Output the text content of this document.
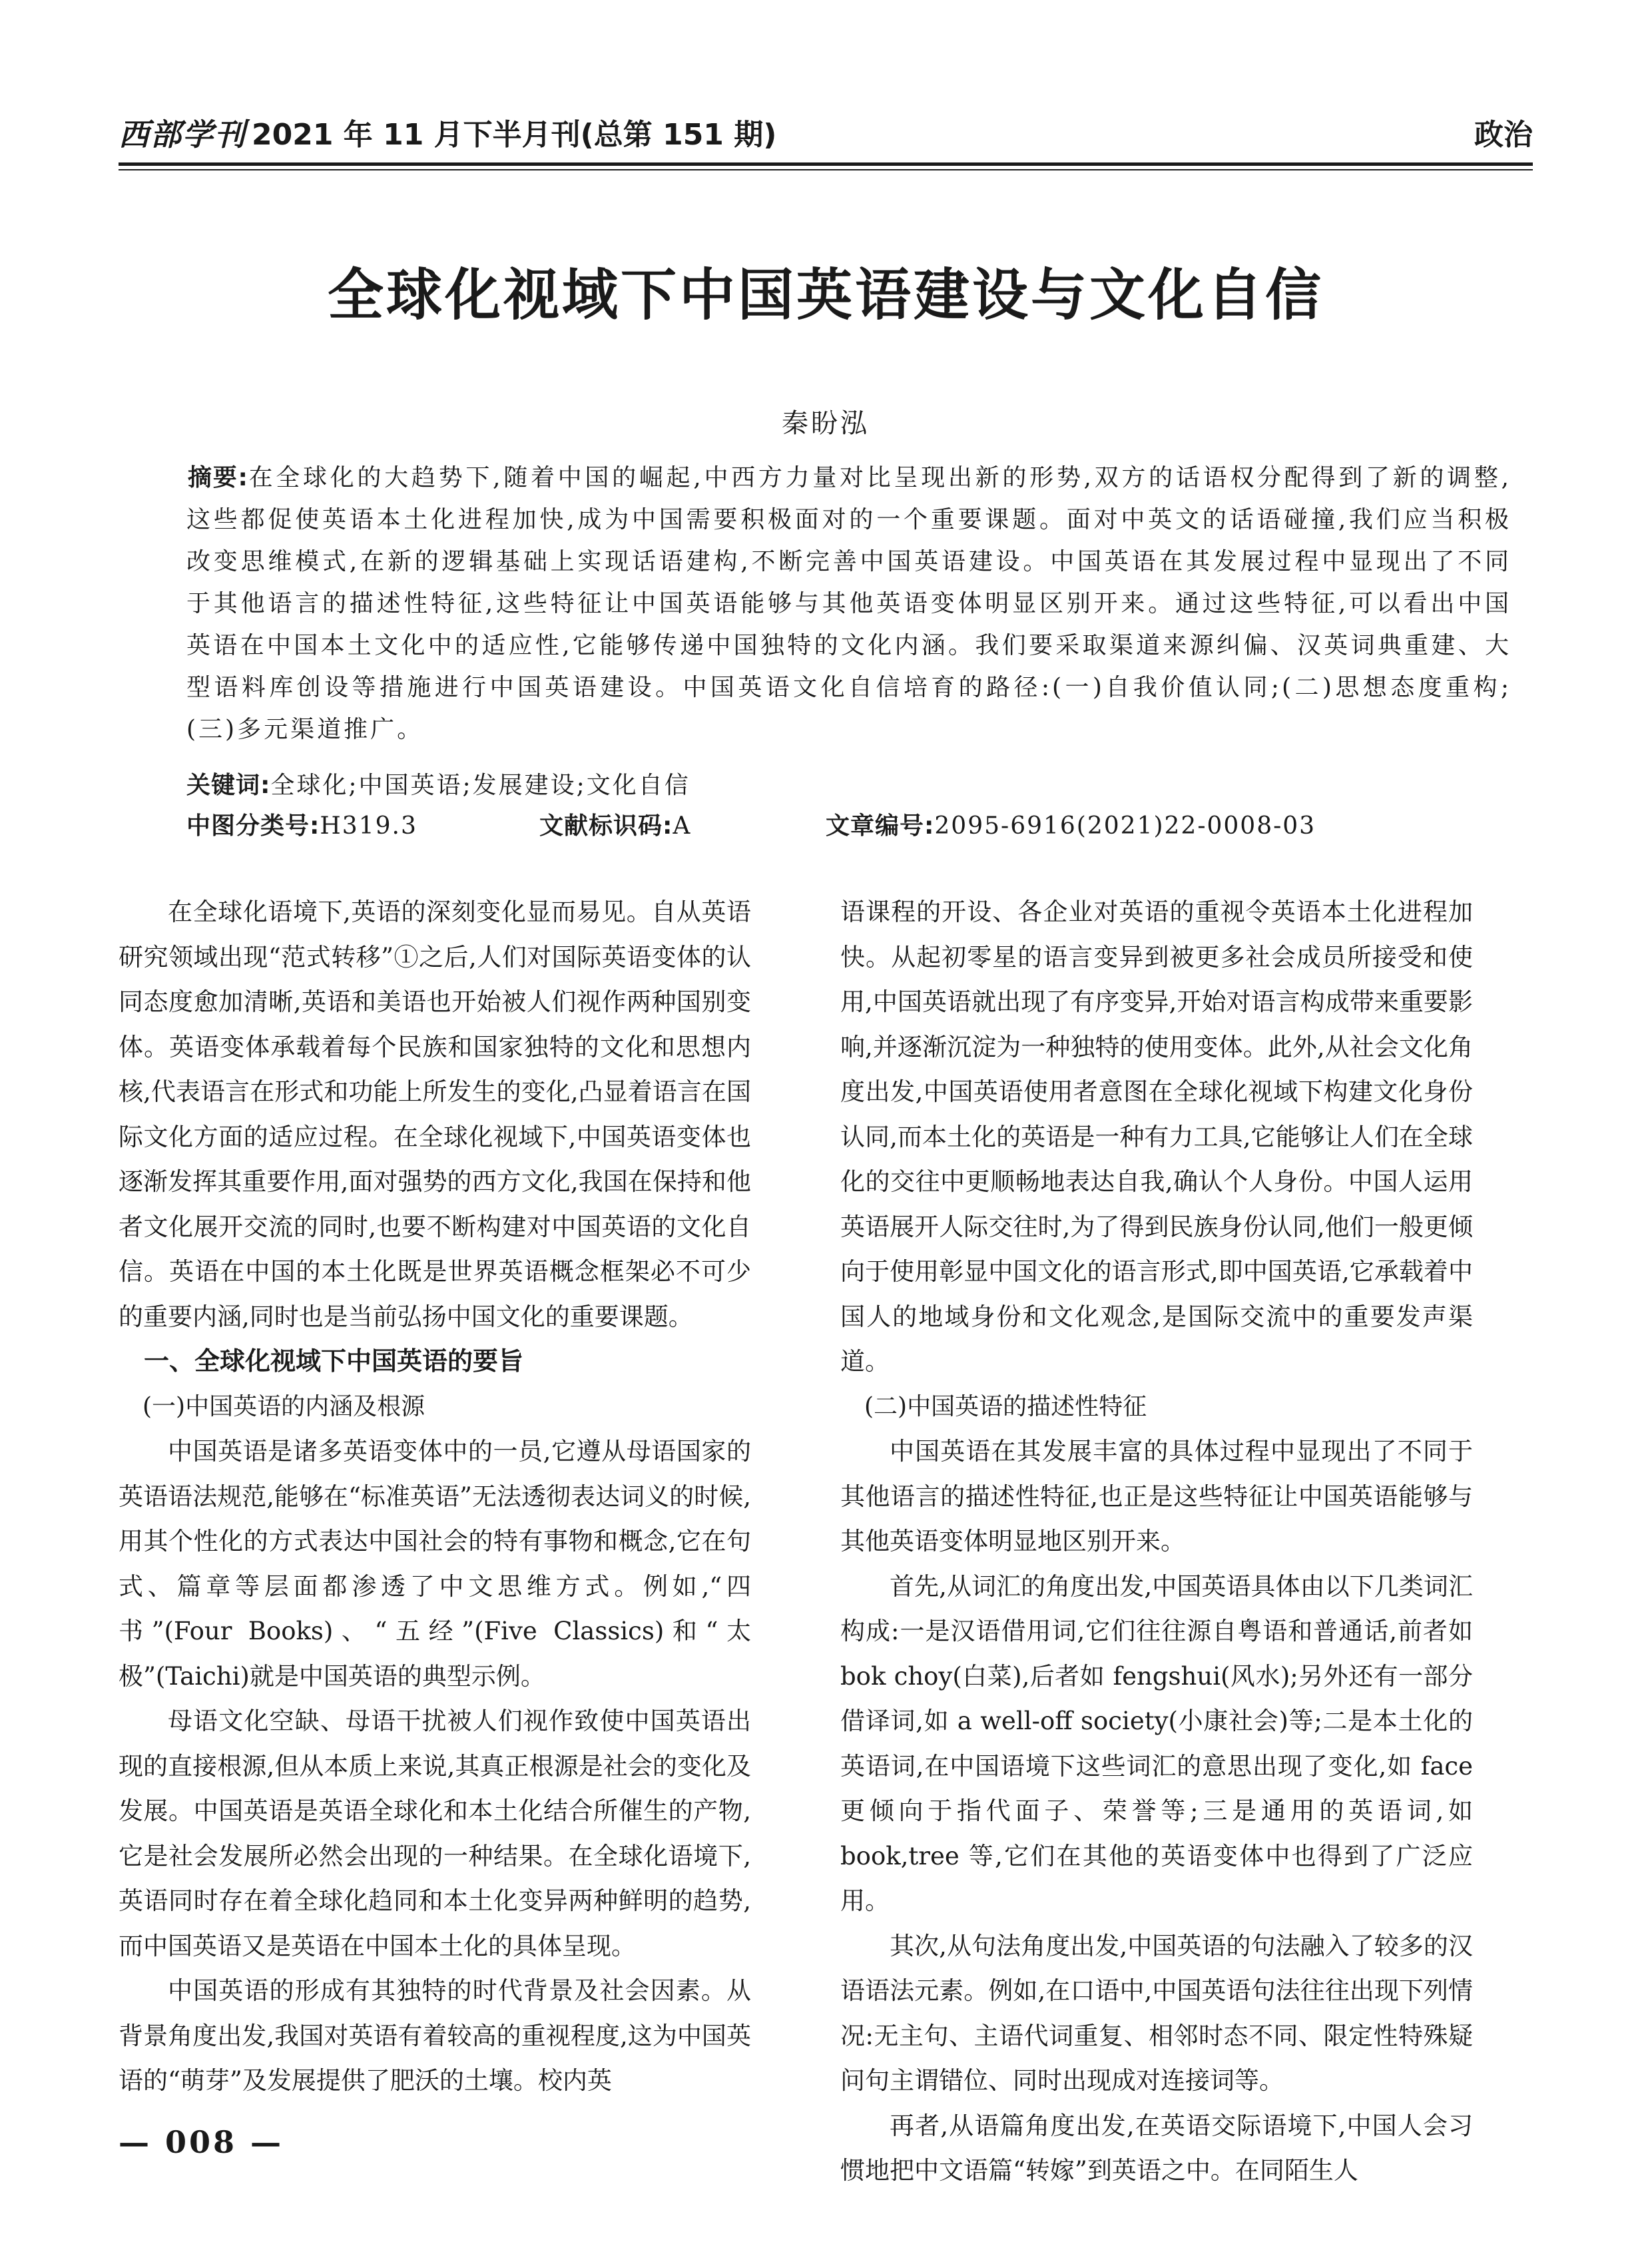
西部学刊 2021 年 11 月下半月刊(总第 151 期)	政治
全球化视域下中国英语建设与文化自信
秦盼泓
摘要:在全球化的大趋势下,随着中国的崛起,中西方力量对比呈现出新的形势,双方的话语权分配得到了新的调整,这些都促使英语本土化进程加快,成为中国需要积极面对的一个重要课题。面对中英文的话语碰撞,我们应当积极改变思维模式,在新的逻辑基础上实现话语建构,不断完善中国英语建设。中国英语在其发展过程中显现出了不同于其他语言的描述性特征,这些特征让中国英语能够与其他英语变体明显区别开来。通过这些特征,可以看出中国英语在中国本土文化中的适应性,它能够传递中国独特的文化内涵。我们要采取渠道来源纠偏、汉英词典重建、大型语料库创设等措施进行中国英语建设。中国英语文化自信培育的路径:(一)自我价值认同;(二)思想态度重构;(三)多元渠道推广。
关键词:全球化;中国英语;发展建设;文化自信
中图分类号:H319.3	文献标识码:A	文章编号:2095-6916(2021)22-0008-03

在全球化语境下,英语的深刻变化显而易见。自从英语研究领域出现“范式转移”①之后,人们对国际英语变体的认同态度愈加清晰,英语和美语也开始被人们视作两种国别变体。英语变体承载着每个民族和国家独特的文化和思想内核,代表语言在形式和功能上所发生的变化,凸显着语言在国际文化方面的适应过程。在全球化视域下,中国英语变体也逐渐发挥其重要作用,面对强势的西方文化,我国在保持和他者文化展开交流的同时,也要不断构建对中国英语的文化自信。英语在中国的本土化既是世界英语概念框架必不可少的重要内涵,同时也是当前弘扬中国文化的重要课题。

一、全球化视域下中国英语的要旨
(一)中国英语的内涵及根源

中国英语是诸多英语变体中的一员,它遵从母语国家的英语语法规范,能够在“标准英语”无法透彻表达词义的时候,用其个性化的方式表达中国社会的特有事物和概念,它在句式、篇章等层面都渗透了中文思维方式。例如,“四书”(Four Books)、“五经”(Five Classics)和“太极”(Taichi)就是中国英语的典型示例。

母语文化空缺、母语干扰被人们视作致使中国英语出现的直接根源,但从本质上来说,其真正根源是社会的变化及发展。中国英语是英语全球化和本土化结合所催生的产物,它是社会发展所必然会出现的一种结果。在全球化语境下,英语同时存在着全球化趋同和本土化变异两种鲜明的趋势,而中国英语又是英语在中国本土化的具体呈现。

中国英语的形成有其独特的时代背景及社会因素。从背景角度出发,我国对英语有着较高的重视程度,这为中国英语的“萌芽”及发展提供了肥沃的土壤。校内英

语课程的开设、各企业对英语的重视令英语本土化进程加快。从起初零星的语言变异到被更多社会成员所接受和使用,中国英语就出现了有序变异,开始对语言构成带来重要影响,并逐渐沉淀为一种独特的使用变体。此外,从社会文化角度出发,中国英语使用者意图在全球化视域下构建文化身份认同,而本土化的英语是一种有力工具,它能够让人们在全球化的交往中更顺畅地表达自我,确认个人身份。中国人运用英语展开人际交往时,为了得到民族身份认同,他们一般更倾向于使用彰显中国文化的语言形式,即中国英语,它承载着中国人的地域身份和文化观念,是国际交流中的重要发声渠道。

(二)中国英语的描述性特征

中国英语在其发展丰富的具体过程中显现出了不同于其他语言的描述性特征,也正是这些特征让中国英语能够与其他英语变体明显地区别开来。

首先,从词汇的角度出发,中国英语具体由以下几类词汇构成:一是汉语借用词,它们往往源自粤语和普通话,前者如 bok choy(白菜),后者如 fengshui(风水);另外还有一部分借译词,如 a well-off society(小康社会)等;二是本土化的英语词,在中国语境下这些词汇的意思出现了变化,如 face 更倾向于指代面子、荣誉等;三是通用的英语词,如 book,tree 等,它们在其他的英语变体中也得到了广泛应用。

其次,从句法角度出发,中国英语的句法融入了较多的汉语语法元素。例如,在口语中,中国英语句法往往出现下列情况:无主句、主语代词重复、相邻时态不同、限定性特殊疑问句主谓错位、同时出现成对连接词等。

再者,从语篇角度出发,在英语交际语境下,中国人会习惯地把中文语篇“转嫁”到英语之中。在同陌生人

— 008 —
